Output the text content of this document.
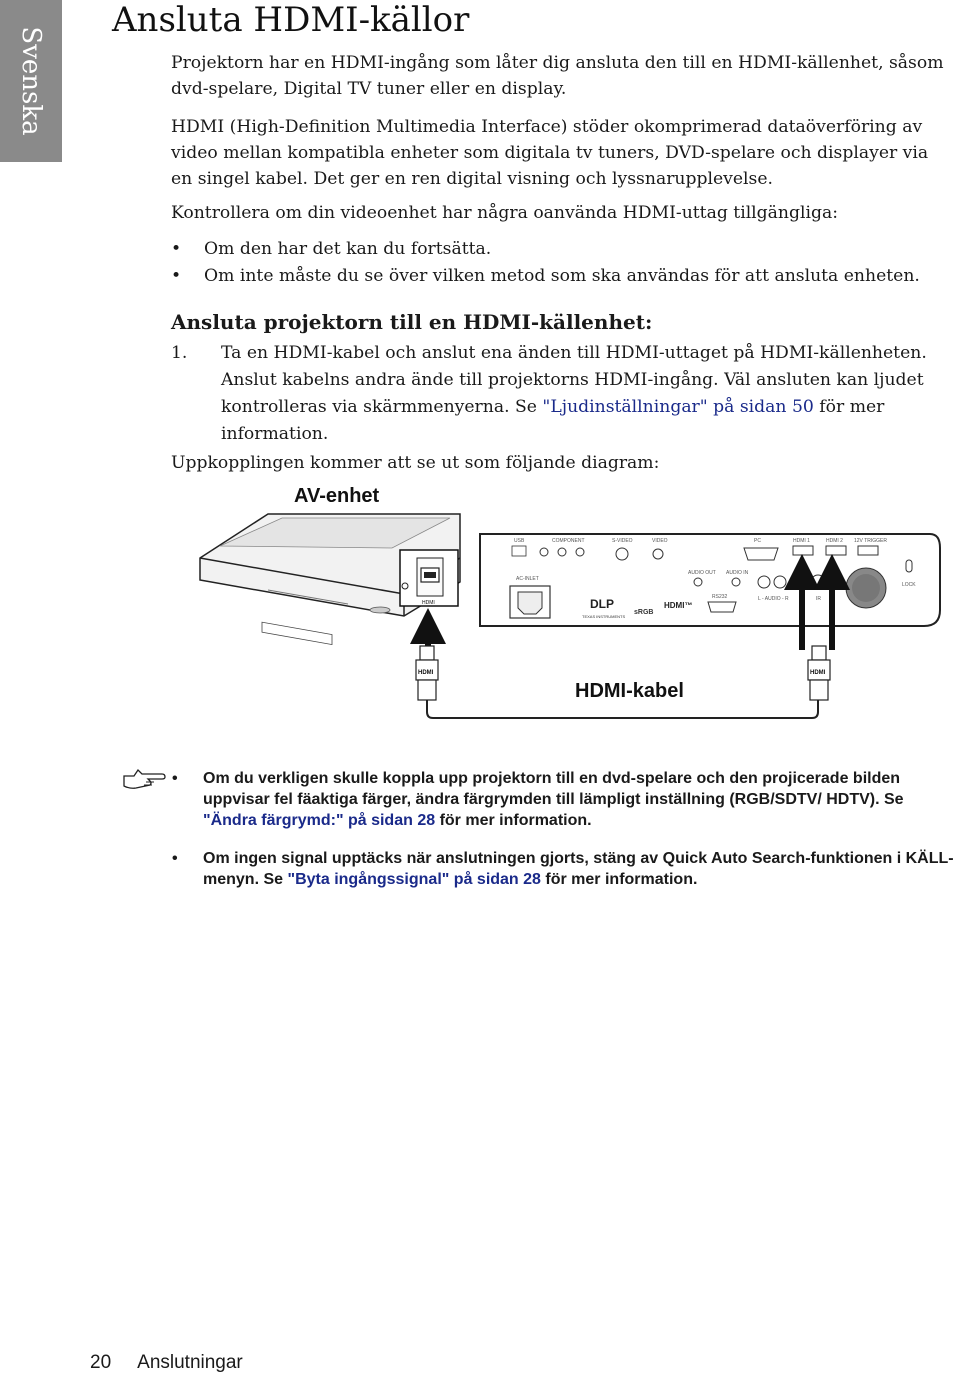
Svenska
Ansluta HDMI-källor

Projektorn har en HDMI-ingång som låter dig ansluta den till en HDMI-källenhet, såsom dvd-spelare, Digital TV tuner eller en display.

HDMI (High-Definition Multimedia Interface) stöder okomprimerad dataöverföring av video mellan kompatibla enheter som digitala tv tuners, DVD-spelare och displayer via en singel kabel. Det ger en ren digital visning och lyssnarupplevelse.

Kontrollera om din videoenhet har några oanvända HDMI-uttag tillgängliga:

• Om den har det kan du fortsätta.
• Om inte måste du se över vilken metod som ska användas för att ansluta enheten.
Ansluta projektorn till en HDMI-källenhet:
1. Ta en HDMI-kabel och anslut ena änden till HDMI-uttaget på HDMI-källenheten. Anslut kabelns andra ände till projektorns HDMI-ingång. Väl ansluten kan ljudet kontrolleras via skärmmenyerna. Se "Ljudinställningar" på sidan 50 för mer information.

Uppkopplingen kommer att se ut som följande diagram:

AV-enhet
HDMI
USB	COMPONENT	S-VIDEO	VIDEO	PC	HDMI 1	HDMI 2 12V TRIGGER
AUDIO OUT AUDIO IN
RS232	L - AUDIO - R	IR
LOCK
AC-INLET
DLP
TEXAS INSTRUMENTS
sRGB
HDMI™
HDMI	HDMI
HDMI-kabel
• Om du verkligen skulle koppla upp projektorn till en dvd-spelare och den projicerade bilden uppvisar fel fäaktiga färger, ändra färgrymden till lämpligt inställning (RGB/SDTV/ HDTV). Se "Ändra färgrymd:" på sidan 28 för mer information.
• Om ingen signal upptäcks när anslutningen gjorts, stäng av Quick Auto Search-funktionen i KÄLL-menyn. Se "Byta ingångssignal" på sidan 28 för mer information.
20 Anslutningar
